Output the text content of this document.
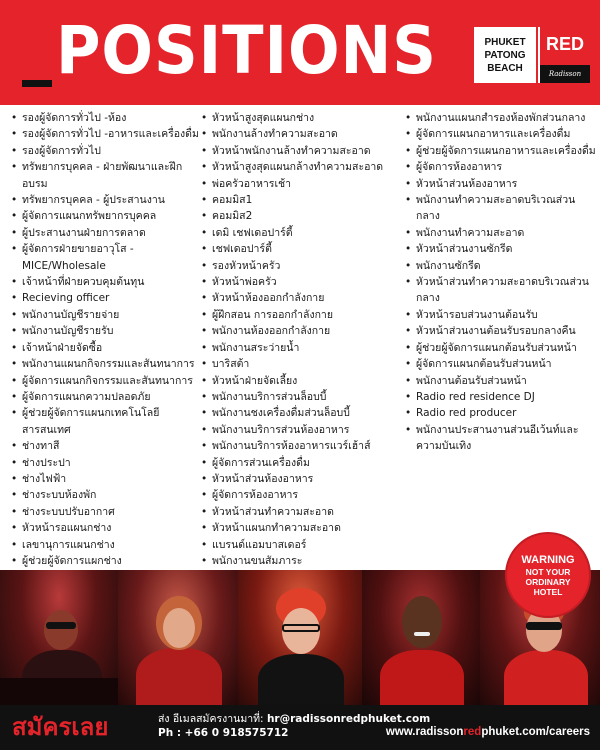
POSITIONS	PHUKET
PATONG
BEACH
RED
Radisson
• รองผู้จัดการทั่วไป -ห้อง
• รองผู้จัดการทั่วไป -อาหารและเครื่องดื่ม
• รองผู้จัดการทั่วไป
• ทรัพยากรบุคคล - ฝ่ายพัฒนาและฝึกอบรม
• ทรัพยากรบุคคล - ผู้ประสานงาน
• ผู้จัดการแผนกทรัพยากรบุคคล
• ผู้ประสานงานฝ่ายการตลาด
• ผู้จัดการฝ่ายขายอาวุโส -MICE/Wholesale
• เจ้าหน้าที่ฝ่ายควบคุมต้นทุน
• Recieving officer
• พนักงานบัญชีรายจ่าย
• พนักงานบัญชีรายรับ
• เจ้าหน้าฝ่ายจัดซื้อ
• พนักงานแผนกกิจกรรมและสันทนาการ
• ผู้จัดการแผนกกิจกรรมและสันทนาการ
• ผู้จัดการแผนกความปลอดภัย
• ผู้ช่วยผู้จัดการแผนกเทคโนโลยีสารสนเทศ
• ช่างทาสี
• ช่างประปา
• ช่างไฟฟ้า
• ช่างระบบห้องพัก
• ช่างระบบปรับอากาศ
• หัวหน้ารอแผนกช่าง
• เลขานุการแผนกช่าง
• ผู้ช่วยผู้จัดการแผกช่าง
• หัวหน้าสูงสุดแผนกช่าง
• พนักงานล้างทำความสะอาด
• หัวหน้าพนักงานล้างทำความสะอาด
• หัวหน้าสูงสุดแผนกล้างทำความสะอาด
• พ่อครัวอาหารเช้า
• คอมมิส1
• คอมมิส2
• เดมิ เชฟเดอปาร์ตี้
• เชฟเดอปาร์ตี้
• รองหัวหน้าครัว
• หัวหน้าพ่อครัว
• หัวหน้าห้องออกกำลังกาย
• ผู้ฝึกสอน การออกกำลังกาย
• พนักงานห้องออกกำลังกาย
• พนักงานสระว่ายน้ำ
• บาริสต้า
• หัวหน้าฝ่ายจัดเลี้ยง
• พนักงานบริการส่วนล็อบบี้
• พนักงานชงเครื่องดื่มส่วนล็อบบี้
• พนักงานบริการส่วนห้องอาหาร
• พนักงานบริการห้องอาหารแวร์เฮ้าส์
• ผู้จัดการส่วนเครื่องดื่ม
• หัวหน้าส่วนห้องอาหาร
• ผู้จัดการห้องอาหาร
• หัวหน้าส่วนทำความสะอาด
• หัวหน้าแผนกทำความสะอาด
• แบรนด์แอมบาสเดอร์
• พนักงานขนสัมภาระ
• พนักงานแผนกสำรองห้องพักส่วนกลาง
• ผู้จัดการแผนกอาหารและเครื่องดื่ม
• ผู้ช่วยผู้จัดการแผนกอาหารและเครื่องดื่ม
• ผู้จัดการห้องอาหาร
• หัวหน้าส่วนห้องอาหาร
• พนักงานทำความสะอาดบริเวณส่วนกลาง
• พนักงานทำความสะอาด
• หัวหน้าส่วนงานซักรีด
• พนักงานซักรีด
• หัวหน้าส่วนทำความสะอาดบริเวณส่วนกลาง
• หัวหน้ารอบส่วนงานต้อนรับ
• หัวหน้าส่วนงานต้อนรับรอบกลางคืน
• ผู้ช่วยผู้จัดการแผนกต้อนรับส่วนหน้า
• ผู้จัดการแผนกต้อนรับส่วนหน้า
• พนักงานต้อนรับส่วนหน้า
• Radio red residence DJ
• Radio red producer
• พนักงานประสานงานส่วนอีเว้นท์และความบันเทิง
WARNING
NOT YOUR ORDINARY HOTEL
สมัครเลย	ส่ง อีเมลสมัครงานมาที่: hr@radissonredphuket.com
Ph : +66 0 918575712	www.radissonredphuket.com/careers
